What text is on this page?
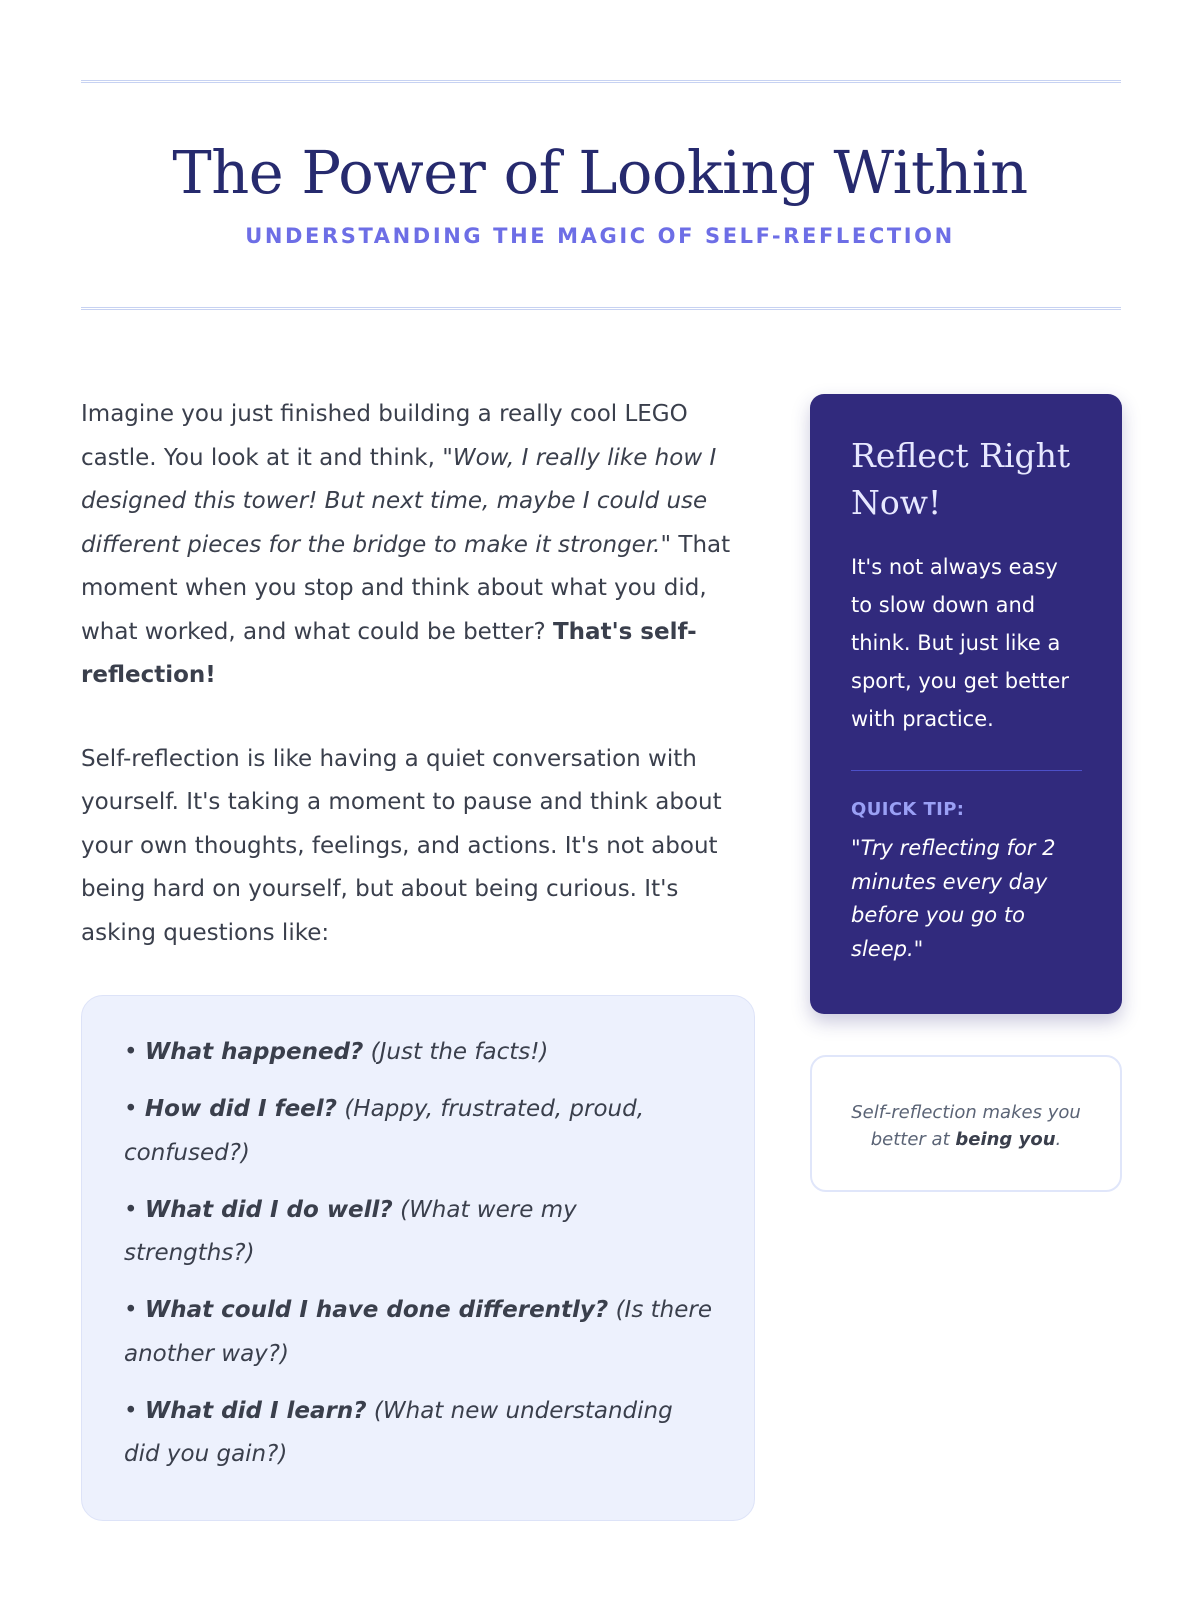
The Power of Looking Within
UNDERSTANDING THE MAGIC OF SELF-REFLECTION

Imagine you just finished building a really cool LEGO castle. You look at it and think, "Wow, I really like how I designed this tower! But next time, maybe I could use different pieces for the bridge to make it stronger." That moment when you stop and think about what you did, what worked, and what could be better? That's self-reflection!

Self-reflection is like having a quiet conversation with yourself. It's taking a moment to pause and think about your own thoughts, feelings, and actions. It's not about being hard on yourself, but about being curious. It's asking questions like:

• What happened? (Just the facts!)
• How did I feel? (Happy, frustrated, proud, confused?)
• What did I do well? (What were my strengths?)
• What could I have done differently? (Is there another way?)
• What did I learn? (What new understanding did you gain?)
Reflect Right Now!

It's not always easy to slow down and think. But just like a sport, you get better with practice.

QUICK TIP:

"Try reflecting for 2 minutes every day before you go to sleep."

Self-reflection makes you better at being you.
